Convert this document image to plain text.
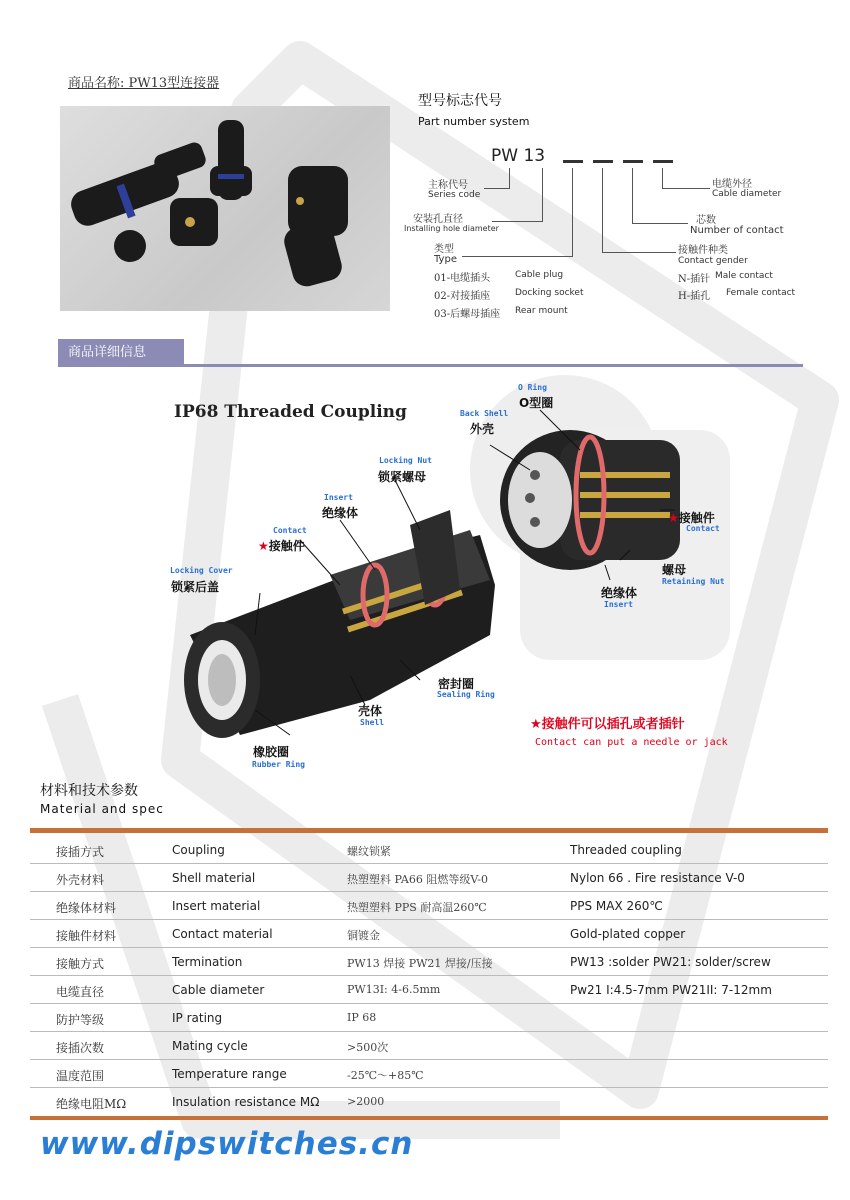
商品名称: PW13型连接器
型号标志代号
Part number system
PW 13
主称代号
Series code
安装孔直径
Installing hole diameter
类型
Type
01-电缆插头	Cable plug
02-对接插座	Docking socket
03-后螺母插座 Rear mount
电缆外径
Cable diameter
芯数
Number of contact
接触件种类
Contact gender
N-插针 Male contact
H-插孔 Female contact
商品详细信息
IP68 Threaded Coupling
O Ring
O型圈
Back Shell
外壳
Locking Nut
锁紧螺母
Insert
绝缘体
Contact
★接触件
Locking Cover
锁紧后盖
★接触件
Contact
螺母
Retaining Nut
绝缘体
Insert
密封圈
Sealing Ring
壳体
Shell
橡胶圈
Rubber Ring
★接触件可以插孔或者插针
Contact can put a needle or jack
材料和技术参数
Material and spec
接插方式	Coupling	螺纹锁紧	Threaded coupling
外壳材料	Shell material	热塑塑料 PA66 阻燃等级V-0	Nylon 66 . Fire resistance V-0
绝缘体材料	Insert material	热塑塑料 PPS 耐高温260℃	PPS MAX 260℃
接触件材料	Contact material	铜镀金	Gold-plated copper
接触方式	Termination	PW13 焊接 PW21 焊接/压接	PW13 :solder PW21: solder/screw
电缆直径	Cable diameter	PW13I: 4-6.5mm	Pw21 I:4.5-7mm PW21II: 7-12mm
防护等级	IP rating	IP 68
接插次数	Mating cycle	>500次
温度范围	Temperature range	-25℃～+85℃
绝缘电阻MΩ	Insulation resistance MΩ	>2000
www.dipswitches.cn
